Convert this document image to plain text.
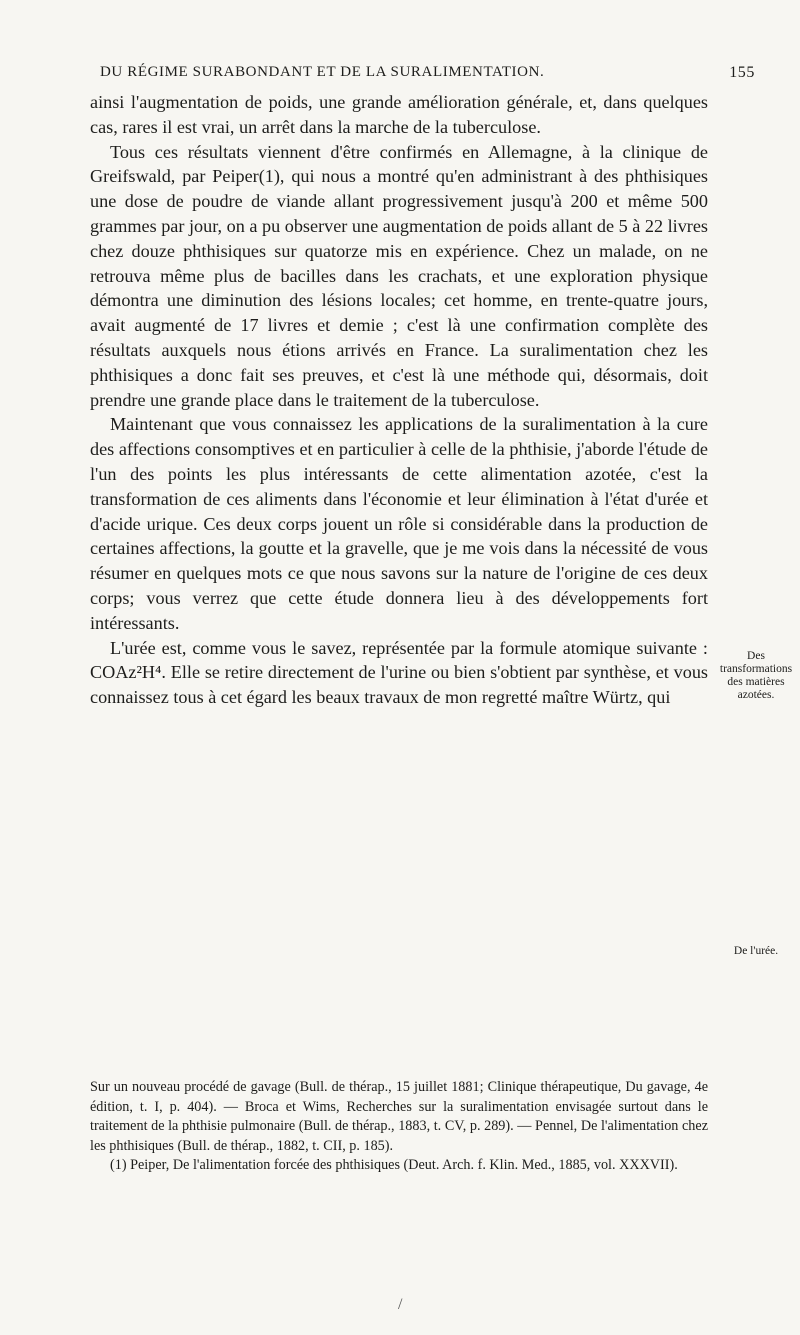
DU RÉGIME SURABONDANT ET DE LA SURALIMENTATION.	155

ainsi l'augmentation de poids, une grande amélioration générale, et, dans quelques cas, rares il est vrai, un arrêt dans la marche de la tuberculose.

Tous ces résultats viennent d'être confirmés en Allemagne, à la clinique de Greifswald, par Peiper(1), qui nous a montré qu'en administrant à des phthisiques une dose de poudre de viande allant progressivement jusqu'à 200 et même 500 grammes par jour, on a pu observer une augmentation de poids allant de 5 à 22 livres chez douze phthisiques sur quatorze mis en expérience. Chez un malade, on ne retrouva même plus de bacilles dans les crachats, et une exploration physique démontra une diminution des lésions locales; cet homme, en trente-quatre jours, avait augmenté de 17 livres et demie ; c'est là une confirmation complète des résultats auxquels nous étions arrivés en France. La suralimentation chez les phthisiques a donc fait ses preuves, et c'est là une méthode qui, désormais, doit prendre une grande place dans le traitement de la tuberculose.

Maintenant que vous connaissez les applications de la suralimentation à la cure des affections consomptives et en particulier à celle de la phthisie, j'aborde l'étude de l'un des points les plus intéressants de cette alimentation azotée, c'est la transformation de ces aliments dans l'économie et leur élimination à l'état d'urée et d'acide urique. Ces deux corps jouent un rôle si considérable dans la production de certaines affections, la goutte et la gravelle, que je me vois dans la nécessité de vous résumer en quelques mots ce que nous savons sur la nature de l'origine de ces deux corps; vous verrez que cette étude donnera lieu à des développements fort intéressants.

L'urée est, comme vous le savez, représentée par la formule atomique suivante : COAz²H⁴. Elle se retire directement de l'urine ou bien s'obtient par synthèse, et vous connaissez tous à cet égard les beaux travaux de mon regretté maître Würtz, qui

Des transformations des matières azotées.
De l'urée.

Sur un nouveau procédé de gavage (Bull. de thérap., 15 juillet 1881; Clinique thérapeutique, Du gavage, 4e édition, t. I, p. 404). — Broca et Wims, Recherches sur la suralimentation envisagée surtout dans le traitement de la phthisie pulmonaire (Bull. de thérap., 1883, t. CV, p. 289). — Pennel, De l'alimentation chez les phthisiques (Bull. de thérap., 1882, t. CII, p. 185).

(1) Peiper, De l'alimentation forcée des phthisiques (Deut. Arch. f. Klin. Med., 1885, vol. XXXVII).

/
